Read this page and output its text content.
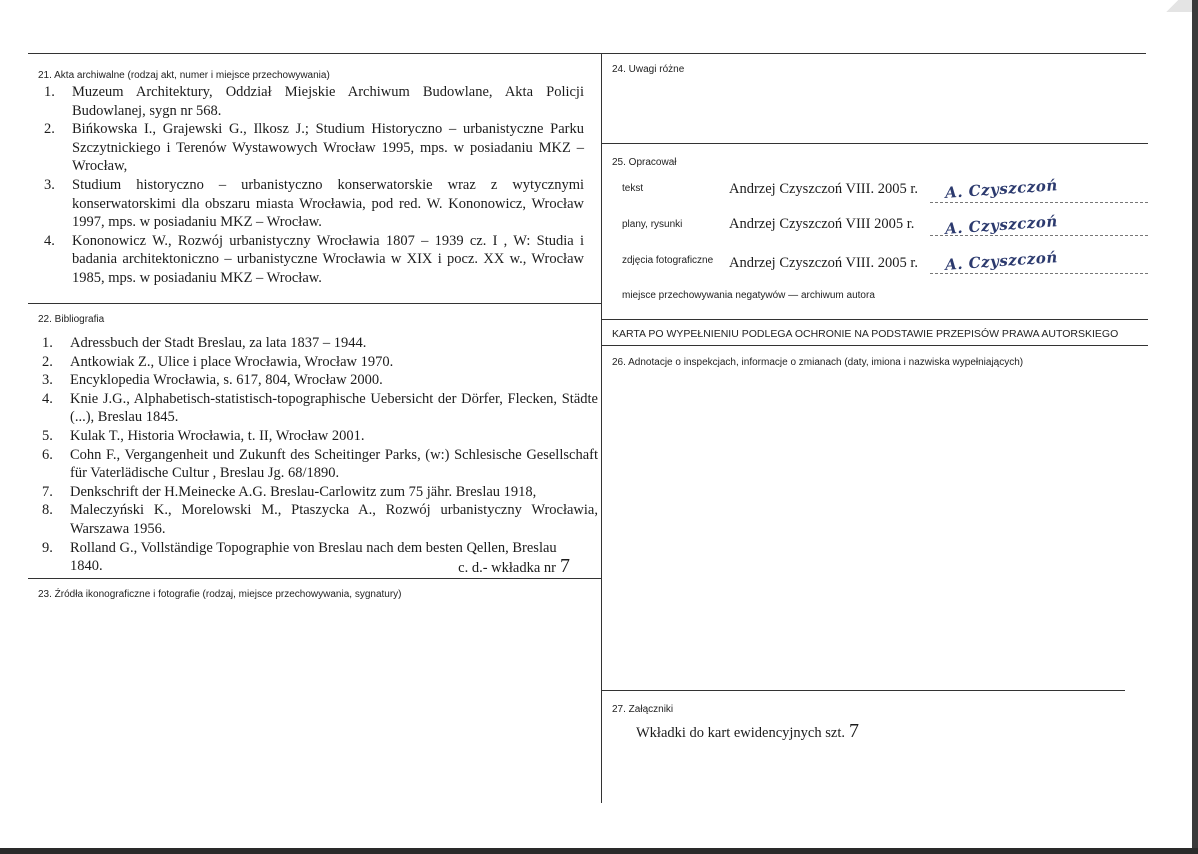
21. Akta archiwalne (rodzaj akt, numer i miejsce przechowywania)
1. Muzeum Architektury, Oddział Miejskie Archiwum Budowlane, Akta Policji Budowlanej, sygn nr 568.
2. Bińkowska I., Grajewski G., Ilkosz J.; Studium Historyczno – urbanistyczne Parku Szczytnickiego i Terenów Wystawowych Wrocław 1995, mps. w posiadaniu MKZ – Wrocław,
3. Studium historyczno – urbanistyczno konserwatorskie wraz z wytycznymi konserwatorskimi dla obszaru miasta Wrocławia, pod red. W. Kononowicz, Wrocław 1997, mps. w posiadaniu MKZ – Wrocław.
4. Kononowicz W., Rozwój urbanistyczny Wrocławia 1807 – 1939 cz. I , W: Studia i badania architektoniczno – urbanistyczne Wrocławia w XIX i pocz. XX w., Wrocław 1985, mps. w posiadaniu MKZ – Wrocław.
22. Bibliografia
1. Adressbuch der Stadt Breslau, za lata 1837 – 1944.
2. Antkowiak Z., Ulice i place Wrocławia, Wrocław 1970.
3. Encyklopedia Wrocławia, s. 617, 804, Wrocław 2000.
4. Knie J.G., Alphabetisch-statistisch-topographische Uebersicht der Dörfer, Flecken, Städte (...), Breslau 1845.
5. Kulak T., Historia Wrocławia, t. II, Wrocław 2001.
6. Cohn F., Vergangenheit und Zukunft des Scheitinger Parks, (w:) Schlesische Gesellschaft für Vaterlädische Cultur , Breslau Jg. 68/1890.
7. Denkschrift der H.Meinecke A.G. Breslau-Carlowitz zum 75 jähr. Breslau 1918,
8. Maleczyński K., Morelowski M., Ptaszycka A., Rozwój urbanistyczny Wrocławia, Warszawa 1956.
9. Rolland G., Vollständige Topographie von Breslau nach dem besten Qellen, Breslau
1840.	c. d.- wkładka nr 7
23. Źródła ikonograficzne i fotografie (rodzaj, miejsce przechowywania, sygnatury)
24. Uwagi różne
25. Opracował
tekst	Andrzej Czyszczoń VIII. 2005 r. A. Czyszczoń
plany, rysunki	Andrzej Czyszczoń VIII 2005 r. A. Czyszczoń
zdjęcia fotograficzne Andrzej Czyszczoń VIII. 2005 r. A. Czyszczoń
miejsce przechowywania negatywów — archiwum autora
KARTA PO WYPEŁNIENIU PODLEGA OCHRONIE NA PODSTAWIE PRZEPISÓW PRAWA AUTORSKIEGO
26. Adnotacje o inspekcjach, informacje o zmianach (daty, imiona i nazwiska wypełniających)
27. Załączniki
Wkładki do kart ewidencyjnych szt. 7
